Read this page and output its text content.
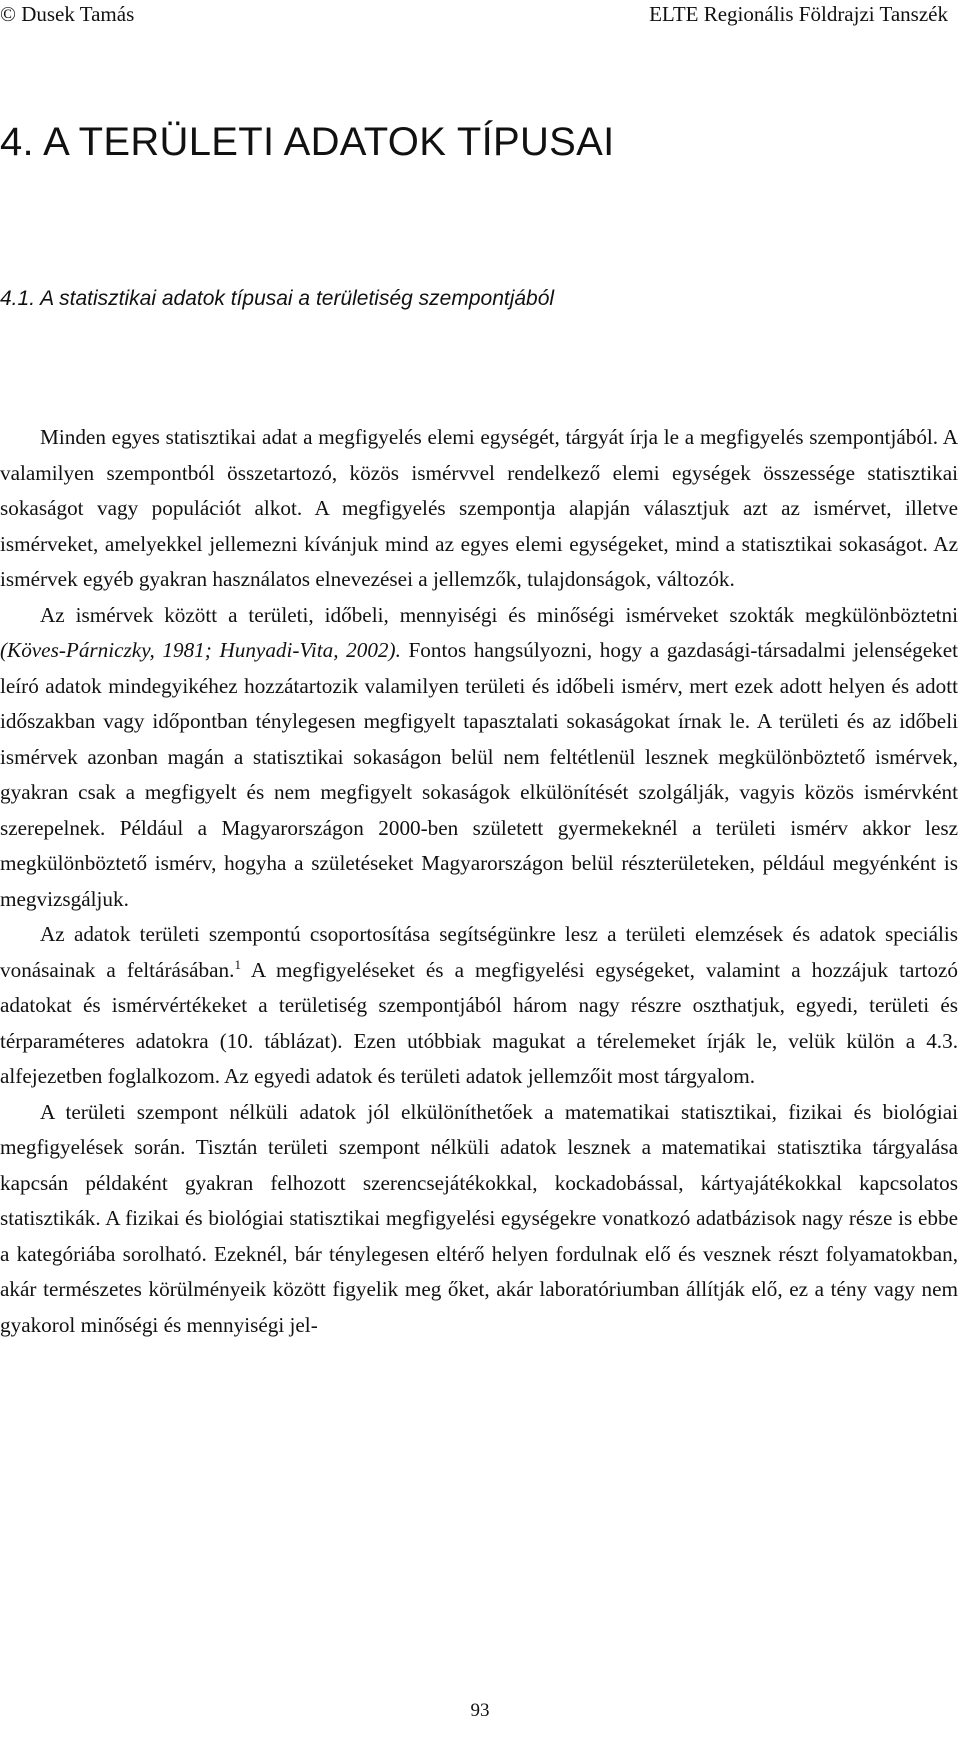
© Dusek Tamás	ELTE Regionális Földrajzi Tanszék
4. A TERÜLETI ADATOK TÍPUSAI
4.1. A statisztikai adatok típusai a területiség szempontjából

Minden egyes statisztikai adat a megfigyelés elemi egységét, tárgyát írja le a megfigyelés szempontjából. A valamilyen szempontból összetartozó, közös ismérvvel rendelkező elemi egységek összessége statisztikai sokaságot vagy populációt alkot. A megfigyelés szempontja alapján választjuk azt az ismérvet, illetve ismérveket, amelyekkel jellemezni kívánjuk mind az egyes elemi egységeket, mind a statisztikai sokaságot. Az ismérvek egyéb gyakran használatos elnevezései a jellemzők, tulajdonságok, változók.

Az ismérvek között a területi, időbeli, mennyiségi és minőségi ismérveket szokták megkülönböztetni (Köves-Párniczky, 1981; Hunyadi-Vita, 2002). Fontos hangsúlyozni, hogy a gazdasági-társadalmi jelenségeket leíró adatok mindegyikéhez hozzátartozik valamilyen területi és időbeli ismérv, mert ezek adott helyen és adott időszakban vagy időpontban ténylegesen megfigyelt tapasztalati sokaságokat írnak le. A területi és az időbeli ismérvek azonban magán a statisztikai sokaságon belül nem feltétlenül lesznek megkülönböztető ismérvek, gyakran csak a megfigyelt és nem megfigyelt sokaságok elkülönítését szolgálják, vagyis közös ismérvként szerepelnek. Például a Magyarországon 2000-ben született gyermekeknél a területi ismérv akkor lesz megkülönböztető ismérv, hogyha a születéseket Magyarországon belül részterületeken, például megyénként is megvizsgáljuk.

Az adatok területi szempontú csoportosítása segítségünkre lesz a területi elemzések és adatok speciális vonásainak a feltárásában.$^1$ A megfigyeléseket és a megfigyelési egységeket, valamint a hozzájuk tartozó adatokat és ismérvértékeket a területiség szempontjából három nagy részre oszthatjuk, egyedi, területi és térparaméteres adatokra (10. táblázat). Ezen utóbbiak magukat a térelemeket írják le, velük külön a 4.3. alfejezetben foglalkozom. Az egyedi adatok és területi adatok jellemzőit most tárgyalom.

A területi szempont nélküli adatok jól elkülöníthetőek a matematikai statisztikai, fizikai és biológiai megfigyelések során. Tisztán területi szempont nélküli adatok lesznek a matematikai statisztika tárgyalása kapcsán példaként gyakran felhozott szerencsejátékokkal, kockadobással, kártyajátékokkal kapcsolatos statisztikák. A fizikai és biológiai statisztikai megfigyelési egységekre vonatkozó adatbázisok nagy része is ebbe a kategóriába sorolható. Ezeknél, bár ténylegesen eltérő helyen fordulnak elő és vesznek részt folyamatokban, akár természetes körülményeik között figyelik meg őket, akár laboratóriumban állítják elő, ez a tény vagy nem gyakorol minőségi és mennyiségi jel-

93
